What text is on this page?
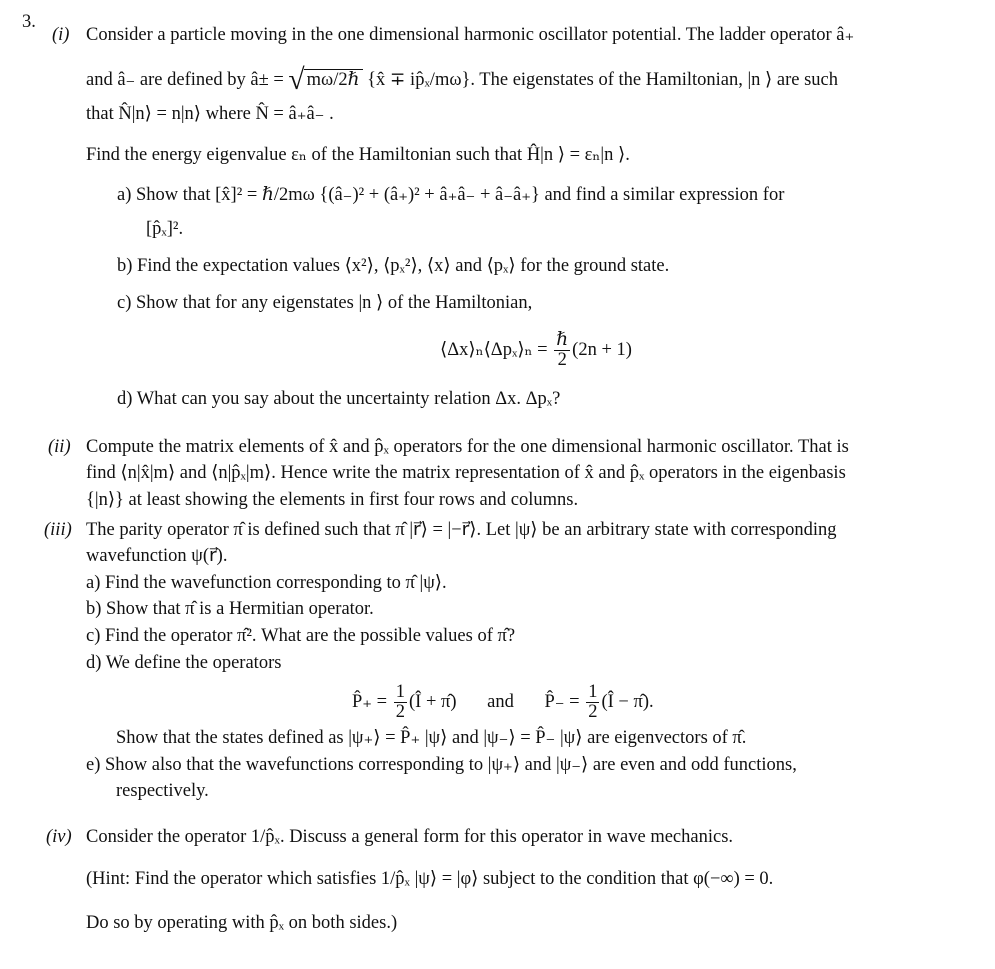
3.
(i) Consider a particle moving in the one dimensional harmonic oscillator potential. The ladder operator â₊
and â₋ are defined by â± = √ mω/2ℏ {x̂ ∓ ip̂ₓ/mω}. The eigenstates of the Hamiltonian, |n ⟩ are such
that N̂|n⟩ = n|n⟩ where N̂ = â₊â₋ .
Find the energy eigenvalue εₙ of the Hamiltonian such that Ĥ|n ⟩ = εₙ|n ⟩.
a) Show that [x̂]² = ℏ/2mω {(â₋)² + (â₊)² + â₊â₋ + â₋â₊} and find a similar expression for
[p̂ₓ]².
b) Find the expectation values ⟨x²⟩, ⟨pₓ²⟩, ⟨x⟩ and ⟨pₓ⟩ for the ground state.
c) Show that for any eigenstates |n ⟩ of the Hamiltonian,
⟨Δx⟩ₙ⟨Δpₓ⟩ₙ = $\frac{\text{ℏ}}{2} (2n + 1)$
d) What can you say about the uncertainty relation Δx. Δpₓ?
(ii) Compute the matrix elements of x̂ and p̂ₓ operators for the one dimensional harmonic oscillator. That is
find ⟨n|x̂|m⟩ and ⟨n|p̂ₓ|m⟩. Hence write the matrix representation of x̂ and p̂ₓ operators in the eigenbasis
{|n⟩} at least showing the elements in first four rows and columns.
(iii) The parity operator π̂ is defined such that π̂ |r⃗⟩ = |−r⃗⟩. Let |ψ⟩ be an arbitrary state with corresponding
wavefunction ψ(r⃗).
a) Find the wavefunction corresponding to π̂ |ψ⟩.
b) Show that π̂ is a Hermitian operator.
c) Find the operator π̂². What are the possible values of π̂?
d) We define the operators
P̂₊ = $\frac{1}{2}$ (Î + π̂) and P̂₋ = $\frac{1}{2}$ (Î − π̂).
Show that the states defined as |ψ₊⟩ = P̂₊ |ψ⟩ and |ψ₋⟩ = P̂₋ |ψ⟩ are eigenvectors of π̂.
e) Show also that the wavefunctions corresponding to |ψ₊⟩ and |ψ₋⟩ are even and odd functions,
respectively.
(iv) Consider the operator 1/p̂ₓ. Discuss a general form for this operator in wave mechanics.
(Hint: Find the operator which satisfies 1/p̂ₓ |ψ⟩ = |φ⟩ subject to the condition that φ(−∞) = 0.
Do so by operating with p̂ₓ on both sides.)
